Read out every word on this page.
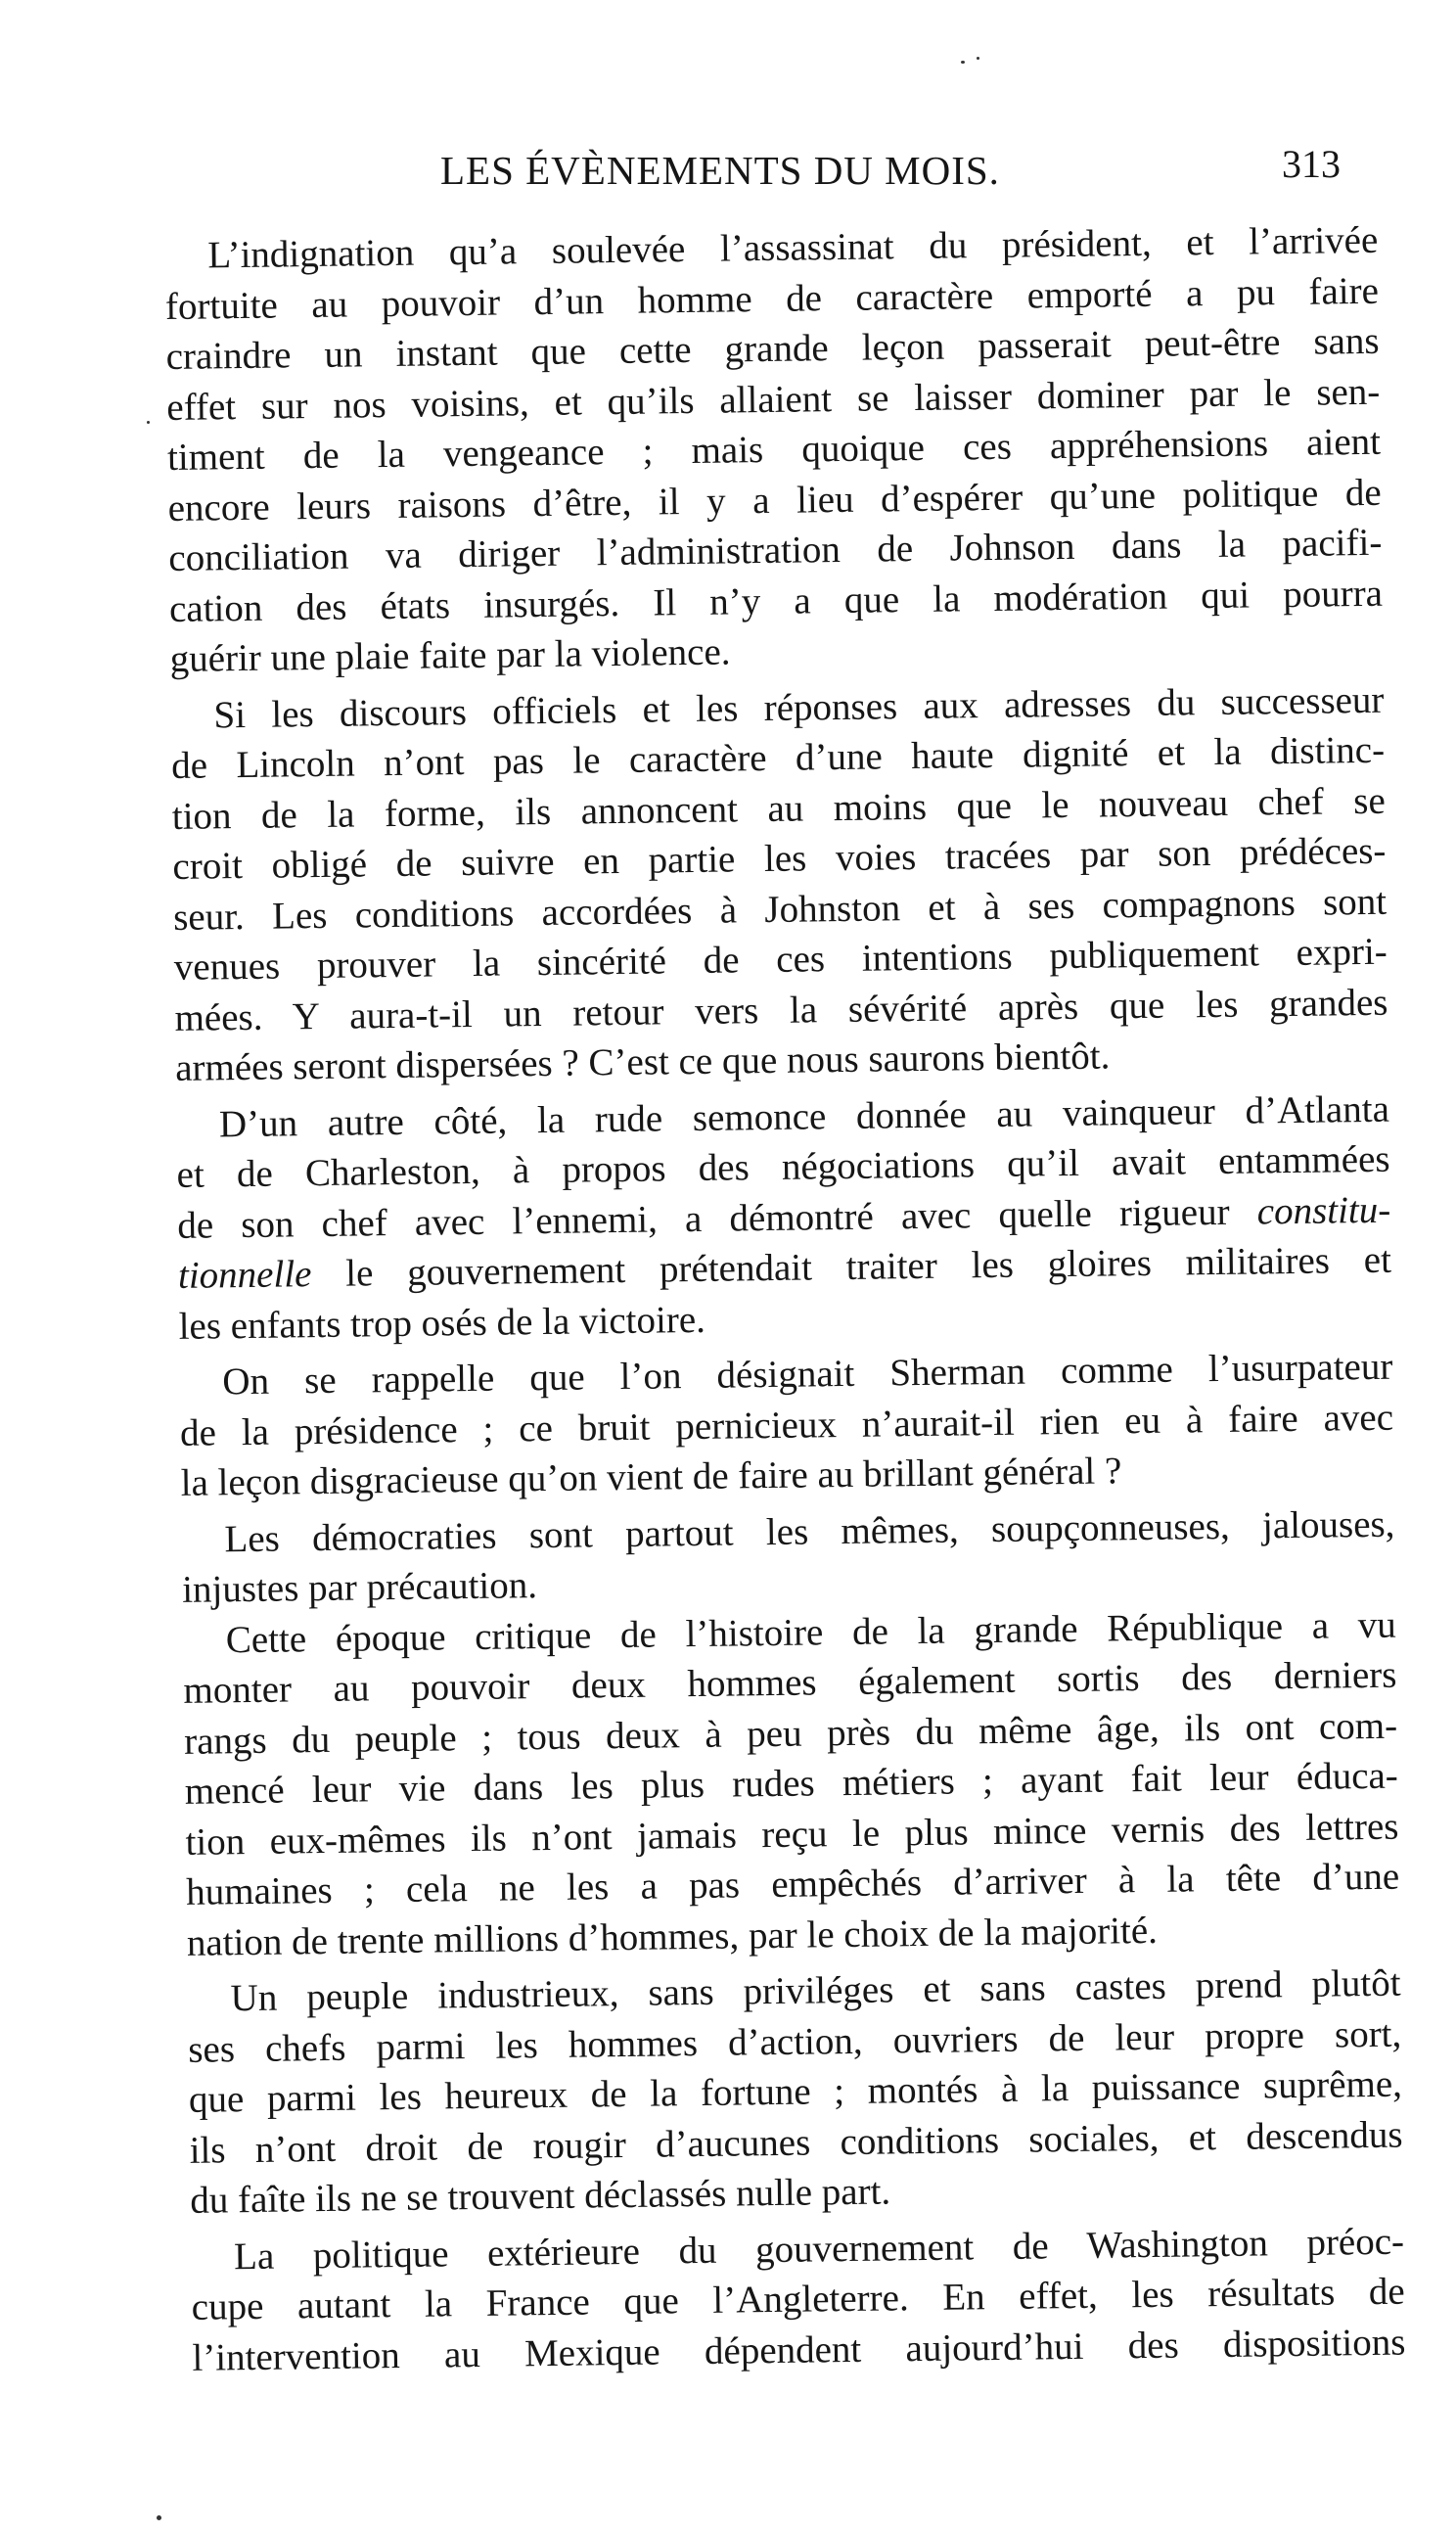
LES ÉVÈNEMENTS DU MOIS.	313
L’indignation qu’a soulevée l’assassinat du président, et l’arrivée
fortuite au pouvoir d’un homme de caractère emporté a pu faire
craindre un instant que cette grande leçon passerait peut-être sans
effet sur nos voisins, et qu’ils allaient se laisser dominer par le sen-
timent de la vengeance ; mais quoique ces appréhensions aient
encore leurs raisons d’être, il y a lieu d’espérer qu’une politique de
conciliation va diriger l’administration de Johnson dans la pacifi-
cation des états insurgés. Il n’y a que la modération qui pourra
guérir une plaie faite par la violence.
Si les discours officiels et les réponses aux adresses du successeur
de Lincoln n’ont pas le caractère d’une haute dignité et la distinc-
tion de la forme, ils annoncent au moins que le nouveau chef se
croit obligé de suivre en partie les voies tracées par son prédéces-
seur. Les conditions accordées à Johnston et à ses compagnons sont
venues prouver la sincérité de ces intentions publiquement expri-
mées. Y aura-t-il un retour vers la sévérité après que les grandes
armées seront dispersées ? C’est ce que nous saurons bientôt.
D’un autre côté, la rude semonce donnée au vainqueur d’Atlanta
et de Charleston, à propos des négociations qu’il avait entammées
de son chef avec l’ennemi, a démontré avec quelle rigueur constitu-
tionnelle le gouvernement prétendait traiter les gloires militaires et
les enfants trop osés de la victoire.
On se rappelle que l’on désignait Sherman comme l’usurpateur
de la présidence ; ce bruit pernicieux n’aurait-il rien eu à faire avec
la leçon disgracieuse qu’on vient de faire au brillant général ?
Les démocraties sont partout les mêmes, soupçonneuses, jalouses,
injustes par précaution.
Cette époque critique de l’histoire de la grande République a vu
monter au pouvoir deux hommes également sortis des derniers
rangs du peuple ; tous deux à peu près du même âge, ils ont com-
mencé leur vie dans les plus rudes métiers ; ayant fait leur éduca-
tion eux-mêmes ils n’ont jamais reçu le plus mince vernis des lettres
humaines ; cela ne les a pas empêchés d’arriver à la tête d’une
nation de trente millions d’hommes, par le choix de la majorité.
Un peuple industrieux, sans priviléges et sans castes prend plutôt
ses chefs parmi les hommes d’action, ouvriers de leur propre sort,
que parmi les heureux de la fortune ; montés à la puissance suprême,
ils n’ont droit de rougir d’aucunes conditions sociales, et descendus
du faîte ils ne se trouvent déclassés nulle part.
La politique extérieure du gouvernement de Washington préoc-
cupe autant la France que l’Angleterre. En effet, les résultats de
l’intervention au Mexique dépendent aujourd’hui des dispositions
